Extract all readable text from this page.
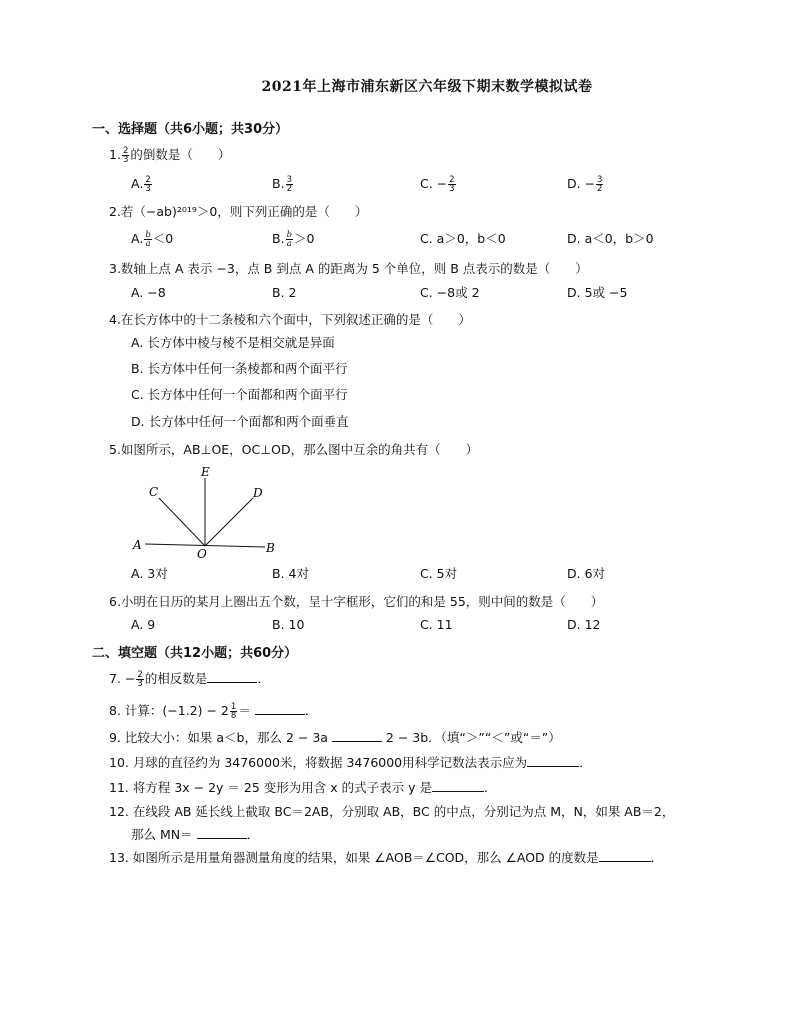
2021年上海市浦东新区六年级下期末数学模拟试卷
一、选择题（共6小题；共30分）
1. $\frac{2}{3}$ 的倒数是（　　）
A. $\frac{2}{3}$	B. $\frac{3}{2}$	C. − $\frac{2}{3}$	D. − $\frac{3}{2}$
2.若（−ab)²⁰¹⁹＞0，则下列正确的是（　　）
A. $\frac{b}{a} <0$	B. $\frac{b}{a} >0$	C. a＞0，b＜0	D. a＜0，b＞0
3.数轴上点 A 表示 −3，点 B 到点 A 的距离为 5 个单位，则 B 点表示的数是（　　）
A. −8	B. 2	C. −8或 2	D. 5或 −5
4.在长方体中的十二条棱和六个面中，下列叙述正确的是（　　）
A. 长方体中棱与棱不是相交就是异面
B. 长方体中任何一条棱都和两个面平行
C. 长方体中任何一个面都和两个面平行
D. 长方体中任何一个面都和两个面垂直
5.如图所示，AB⊥OE，OC⊥OD，那么图中互余的角共有（　　）
A	B
C	D
E
O
A. 3对	B. 4对	C. 5对	D. 6对
6.小明在日历的某月上圈出五个数，呈十字框形，它们的和是 55，则中间的数是（　　）
A. 9	B. 10	C. 11	D. 12
二、填空题（共12小题；共60分）
7. − $\frac{2}{3}$ 的相反数是	．
8. 计算：$(-1.2) - 2 \frac{1}{8}$ ＝	．
9. 比较大小：如果 a＜b，那么 2 − 3a	2 − 3b．（填“＞”“＜”或“＝”）
10. 月球的直径约为 3476000米，将数据 3476000用科学记数法表示应为	．
11. 将方程 3x − 2y ＝ 25 变形为用含 x 的式子表示 y 是	．
12. 在线段 AB 延长线上截取 BC＝2AB，分别取 AB，BC 的中点，分别记为点 M，N，如果 AB＝2，
那么 MN＝	．
13. 如图所示是用量角器测量角度的结果，如果 ∠AOB＝∠COD，那么 ∠AOD 的度数是	．
